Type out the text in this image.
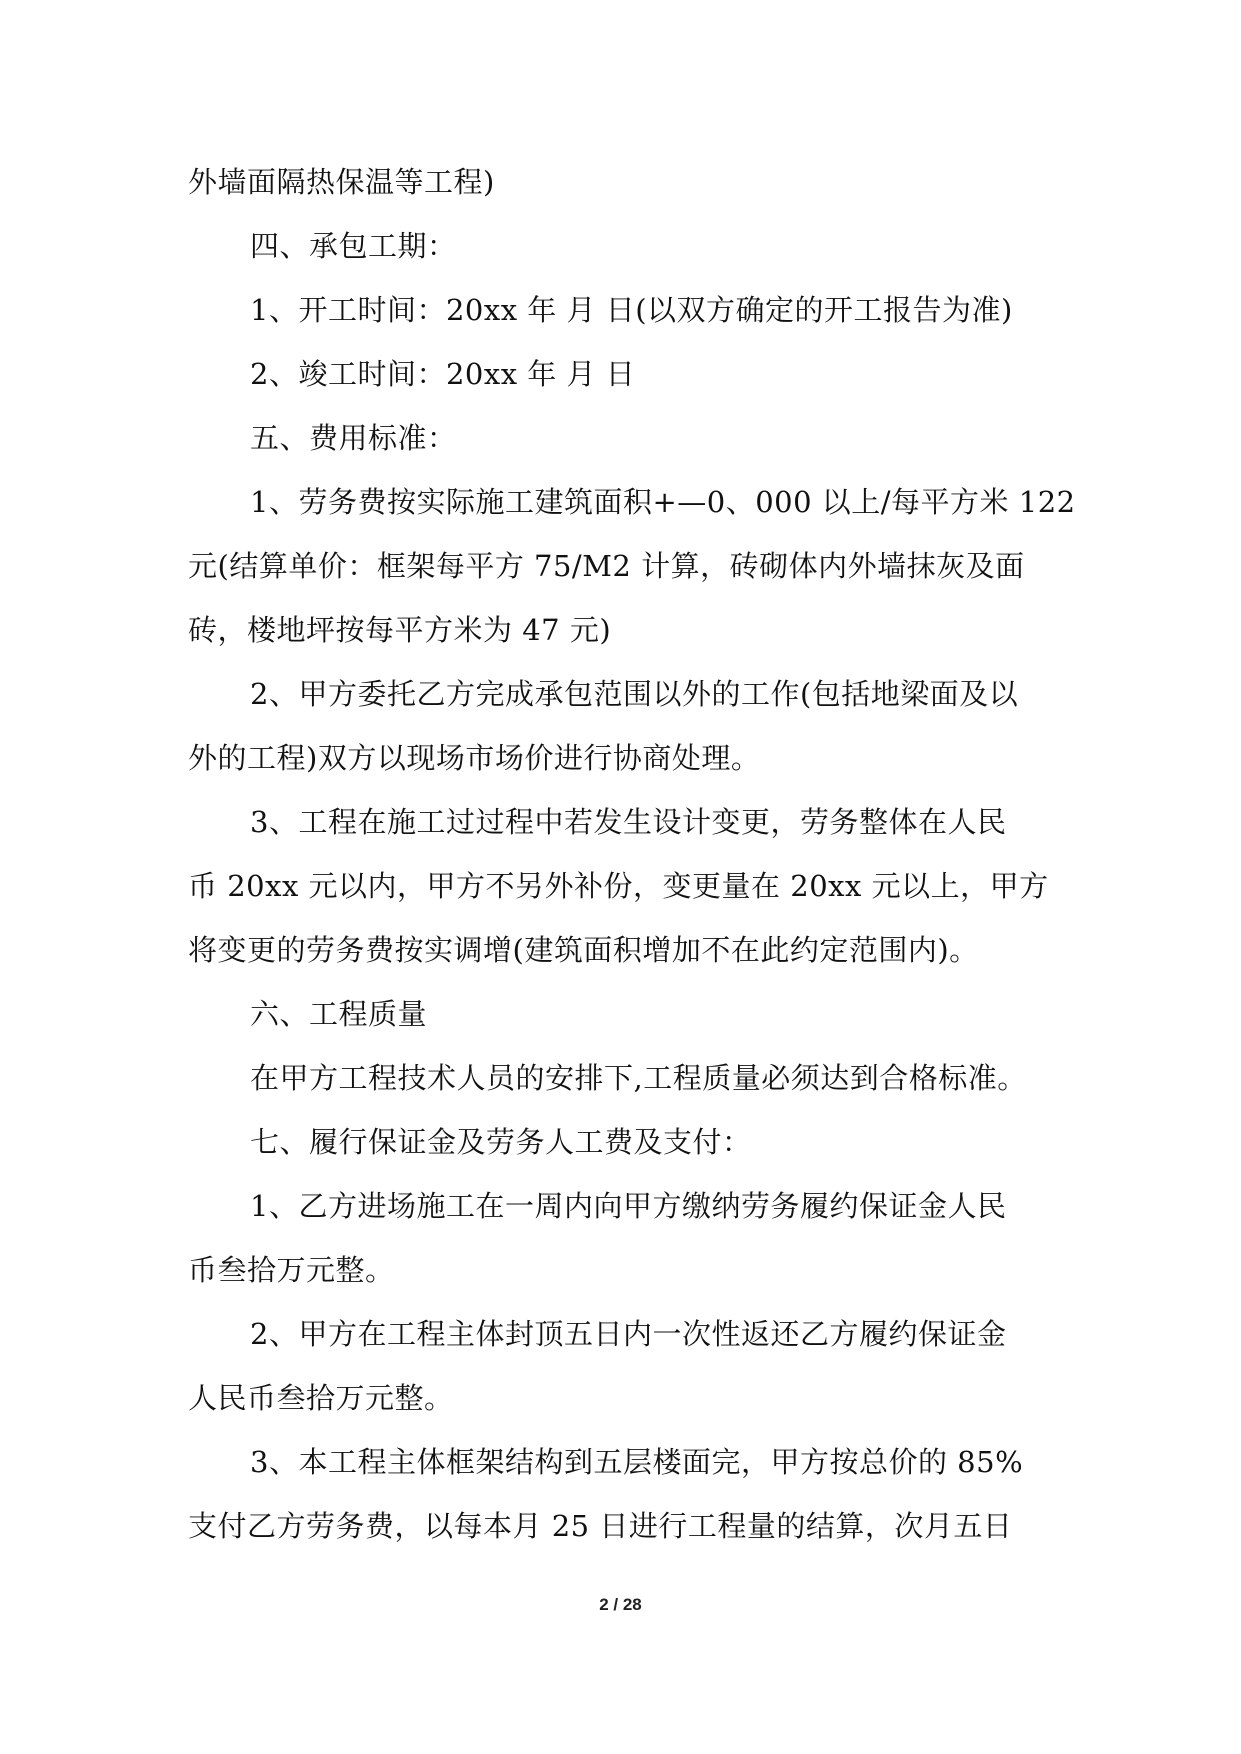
外墙面隔热保温等工程)
四、承包工期：
1、开工时间：20xx 年 月 日(以双方确定的开工报告为准)
2、竣工时间：20xx 年 月 日
五、费用标准：
1、劳务费按实际施工建筑面积+—0、000 以上/每平方米 122
元(结算单价：框架每平方 75/M2 计算，砖砌体内外墙抹灰及面
砖，楼地坪按每平方米为 47 元)
2、甲方委托乙方完成承包范围以外的工作(包括地梁面及以
外的工程)双方以现场市场价进行协商处理。
3、工程在施工过过程中若发生设计变更，劳务整体在人民
币 20xx 元以内，甲方不另外补份，变更量在 20xx 元以上，甲方
将变更的劳务费按实调增(建筑面积增加不在此约定范围内)。
六、工程质量
在甲方工程技术人员的安排下,工程质量必须达到合格标准。
七、履行保证金及劳务人工费及支付：
1、乙方进场施工在一周内向甲方缴纳劳务履约保证金人民
币叁拾万元整。
2、甲方在工程主体封顶五日内一次性返还乙方履约保证金
人民币叁拾万元整。
3、本工程主体框架结构到五层楼面完，甲方按总价的 85%
支付乙方劳务费，以每本月 25 日进行工程量的结算，次月五日
2 / 28
